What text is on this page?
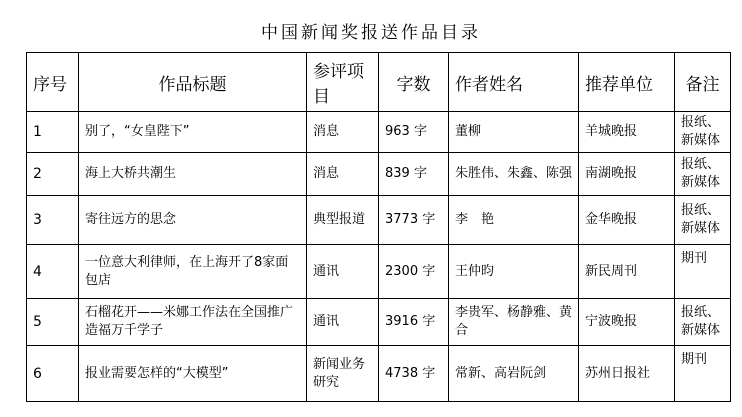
中国新闻奖报送作品目录
序号	作品标题	参评项目	字数	作者姓名	推荐单位	备注
1	别了，“女皇陛下”	消息	963 字	董柳	羊城晚报	报纸、新媒体
2	海上大桥共潮生	消息	839 字	朱胜伟、朱鑫、陈强	南湖晚报	报纸、新媒体
3	寄往远方的思念	典型报道	3773 字	李　艳	金华晚报	报纸、新媒体
4	一位意大利律师，在上海开了8家面包店	通讯	2300 字	王仲昀	新民周刊	期刊
5	石榴花开——米娜工作法在全国推广造福万千学子	通讯	3916 字	李贵军、杨静雅、黄合	宁波晚报	报纸、新媒体
6	报业需要怎样的“大模型”	新闻业务研究	4738 字	常新、高岩阮剑	苏州日报社	期刊
